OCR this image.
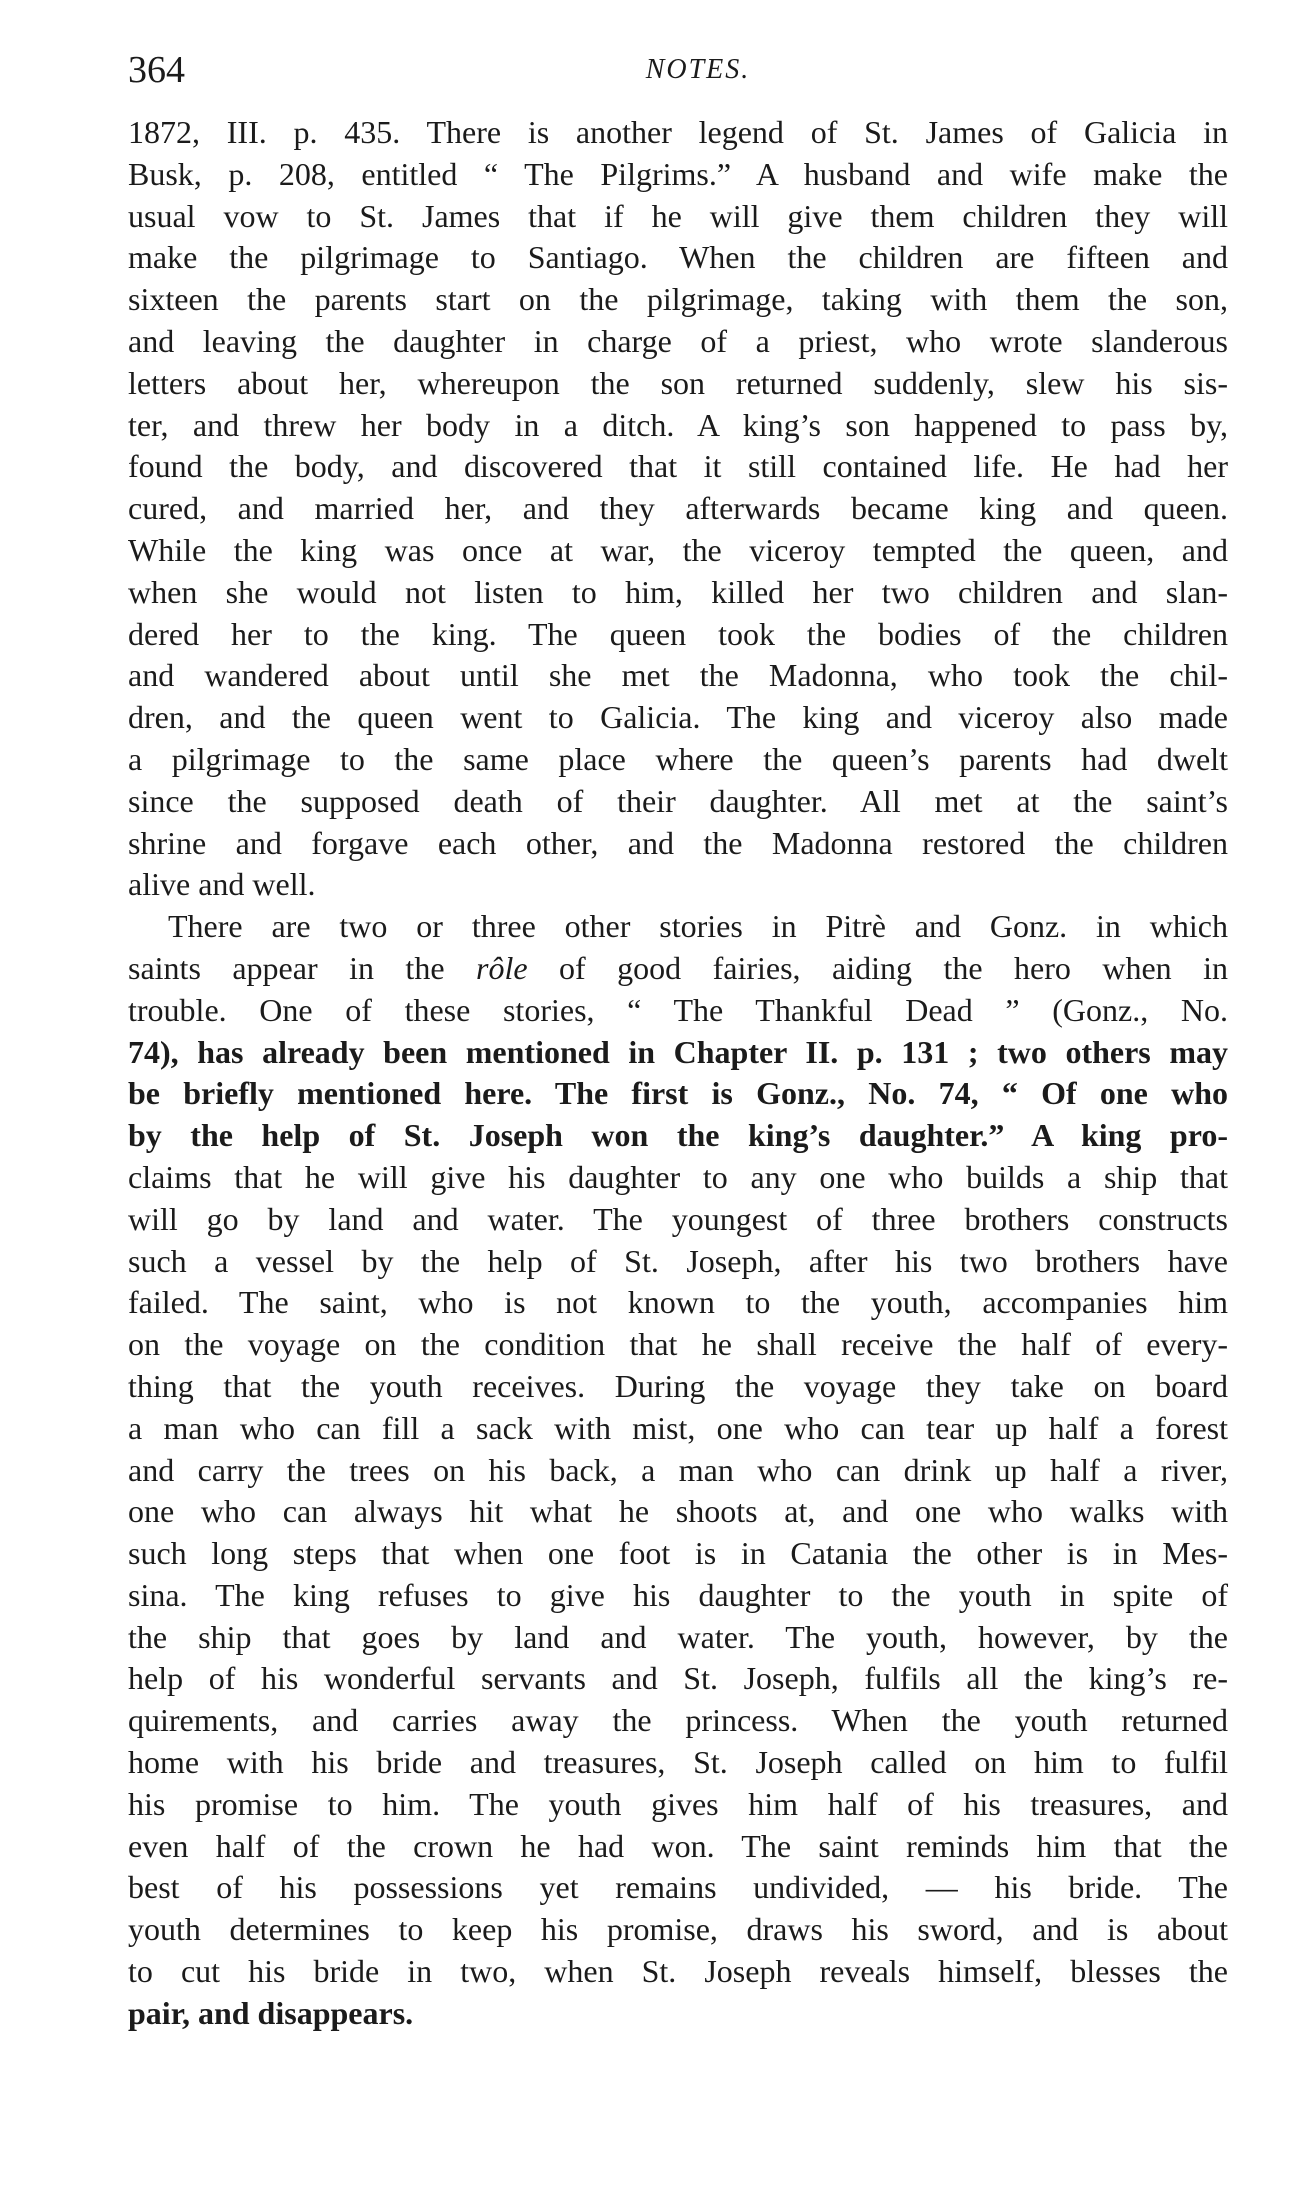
364	NOTES.
1872, III. p. 435. There is another legend of St. James of Galicia in
Busk, p. 208, entitled “ The Pilgrims.” A husband and wife make the
usual vow to St. James that if he will give them children they will
make the pilgrimage to Santiago. When the children are fifteen and
sixteen the parents start on the pilgrimage, taking with them the son,
and leaving the daughter in charge of a priest, who wrote slanderous
letters about her, whereupon the son returned suddenly, slew his sis-
ter, and threw her body in a ditch. A king’s son happened to pass by,
found the body, and discovered that it still contained life. He had her
cured, and married her, and they afterwards became king and queen.
While the king was once at war, the viceroy tempted the queen, and
when she would not listen to him, killed her two children and slan-
dered her to the king. The queen took the bodies of the children
and wandered about until she met the Madonna, who took the chil-
dren, and the queen went to Galicia. The king and viceroy also made
a pilgrimage to the same place where the queen’s parents had dwelt
since the supposed death of their daughter. All met at the saint’s
shrine and forgave each other, and the Madonna restored the children
alive and well.
There are two or three other stories in Pitrè and Gonz. in which
saints appear in the rôle of good fairies, aiding the hero when in
trouble. One of these stories, “ The Thankful Dead ” (Gonz., No.
74), has already been mentioned in Chapter II. p. 131 ; two others may
be briefly mentioned here. The first is Gonz., No. 74, “ Of one who
by the help of St. Joseph won the king’s daughter.” A king pro-
claims that he will give his daughter to any one who builds a ship that
will go by land and water. The youngest of three brothers constructs
such a vessel by the help of St. Joseph, after his two brothers have
failed. The saint, who is not known to the youth, accompanies him
on the voyage on the condition that he shall receive the half of every-
thing that the youth receives. During the voyage they take on board
a man who can fill a sack with mist, one who can tear up half a forest
and carry the trees on his back, a man who can drink up half a river,
one who can always hit what he shoots at, and one who walks with
such long steps that when one foot is in Catania the other is in Mes-
sina. The king refuses to give his daughter to the youth in spite of
the ship that goes by land and water. The youth, however, by the
help of his wonderful servants and St. Joseph, fulfils all the king’s re-
quirements, and carries away the princess. When the youth returned
home with his bride and treasures, St. Joseph called on him to fulfil
his promise to him. The youth gives him half of his treasures, and
even half of the crown he had won. The saint reminds him that the
best of his possessions yet remains undivided, — his bride. The
youth determines to keep his promise, draws his sword, and is about
to cut his bride in two, when St. Joseph reveals himself, blesses the
pair, and disappears.
